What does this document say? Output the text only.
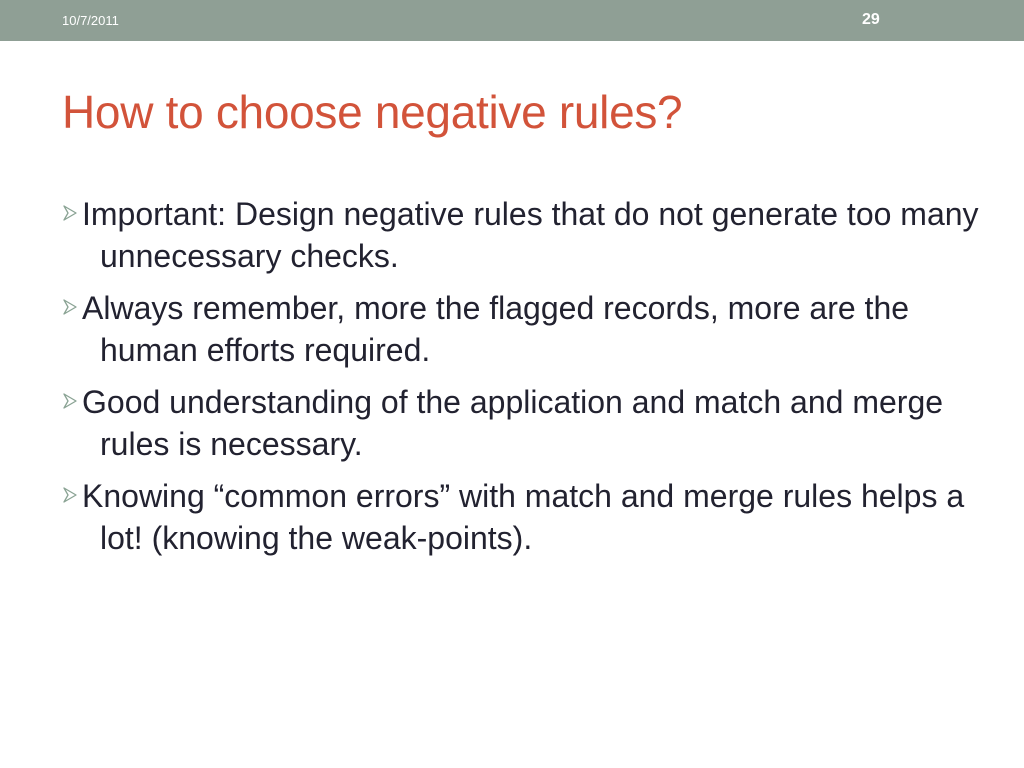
10/7/2011	29
How to choose negative rules?
Important: Design negative rules that do not generate too many unnecessary checks.
Always remember, more the flagged records, more are the human efforts required.
Good understanding of the application and match and merge rules is necessary.
Knowing “common errors” with match and merge rules helps a lot! (knowing the weak-points).
